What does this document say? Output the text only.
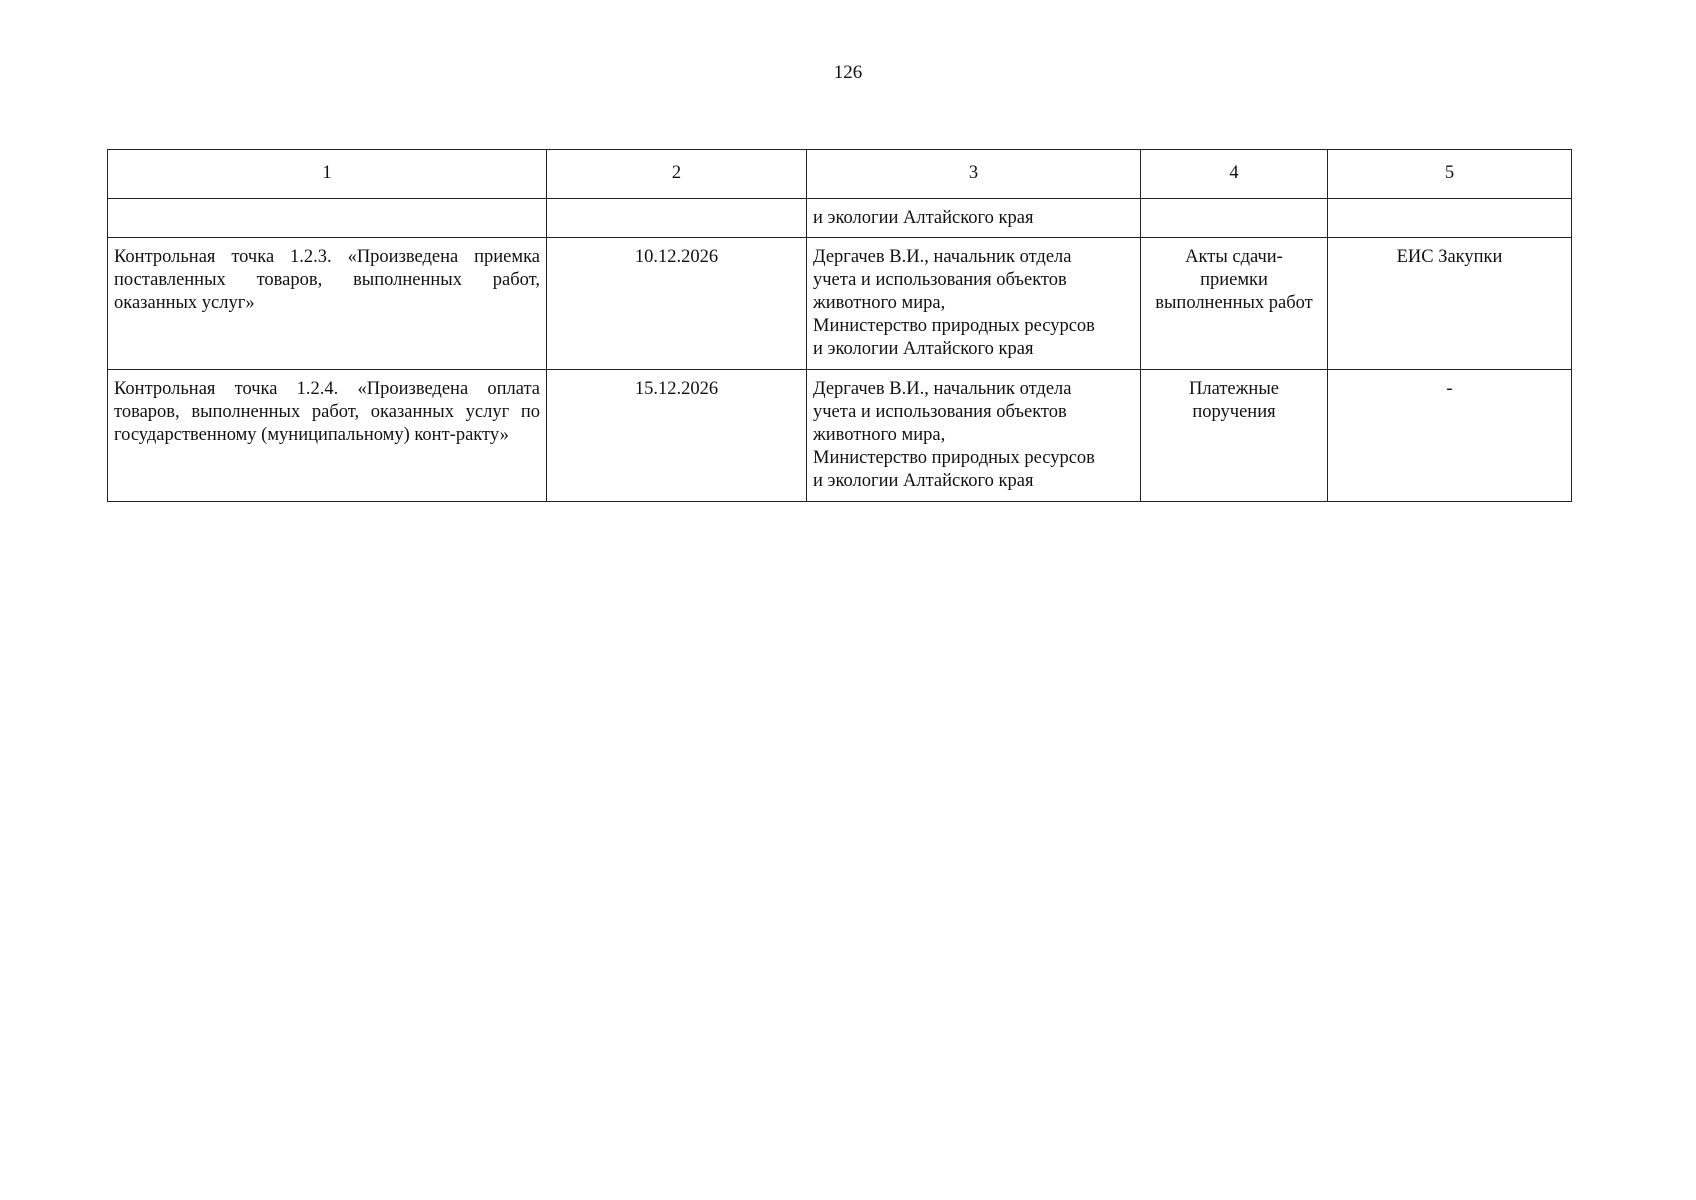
126
1	2	3	4	5
		и экологии Алтайского края		
Контрольная точка 1.2.3. «Произведена приемка поставленных товаров, выполненных работ, оказанных услуг»	10.12.2026	Дергачев В.И., начальник отдела
учета и использования объектов
животного мира,
Министерство природных ресурсов
и экологии Алтайского края	Акты сдачи-
приемки
выполненных работ	ЕИС Закупки
Контрольная точка 1.2.4. «Произведена оплата товаров, выполненных работ, оказанных услуг по государственному (муниципальному) конт-ракту»	15.12.2026	Дергачев В.И., начальник отдела
учета и использования объектов
животного мира,
Министерство природных ресурсов
и экологии Алтайского края	Платежные
поручения	-
